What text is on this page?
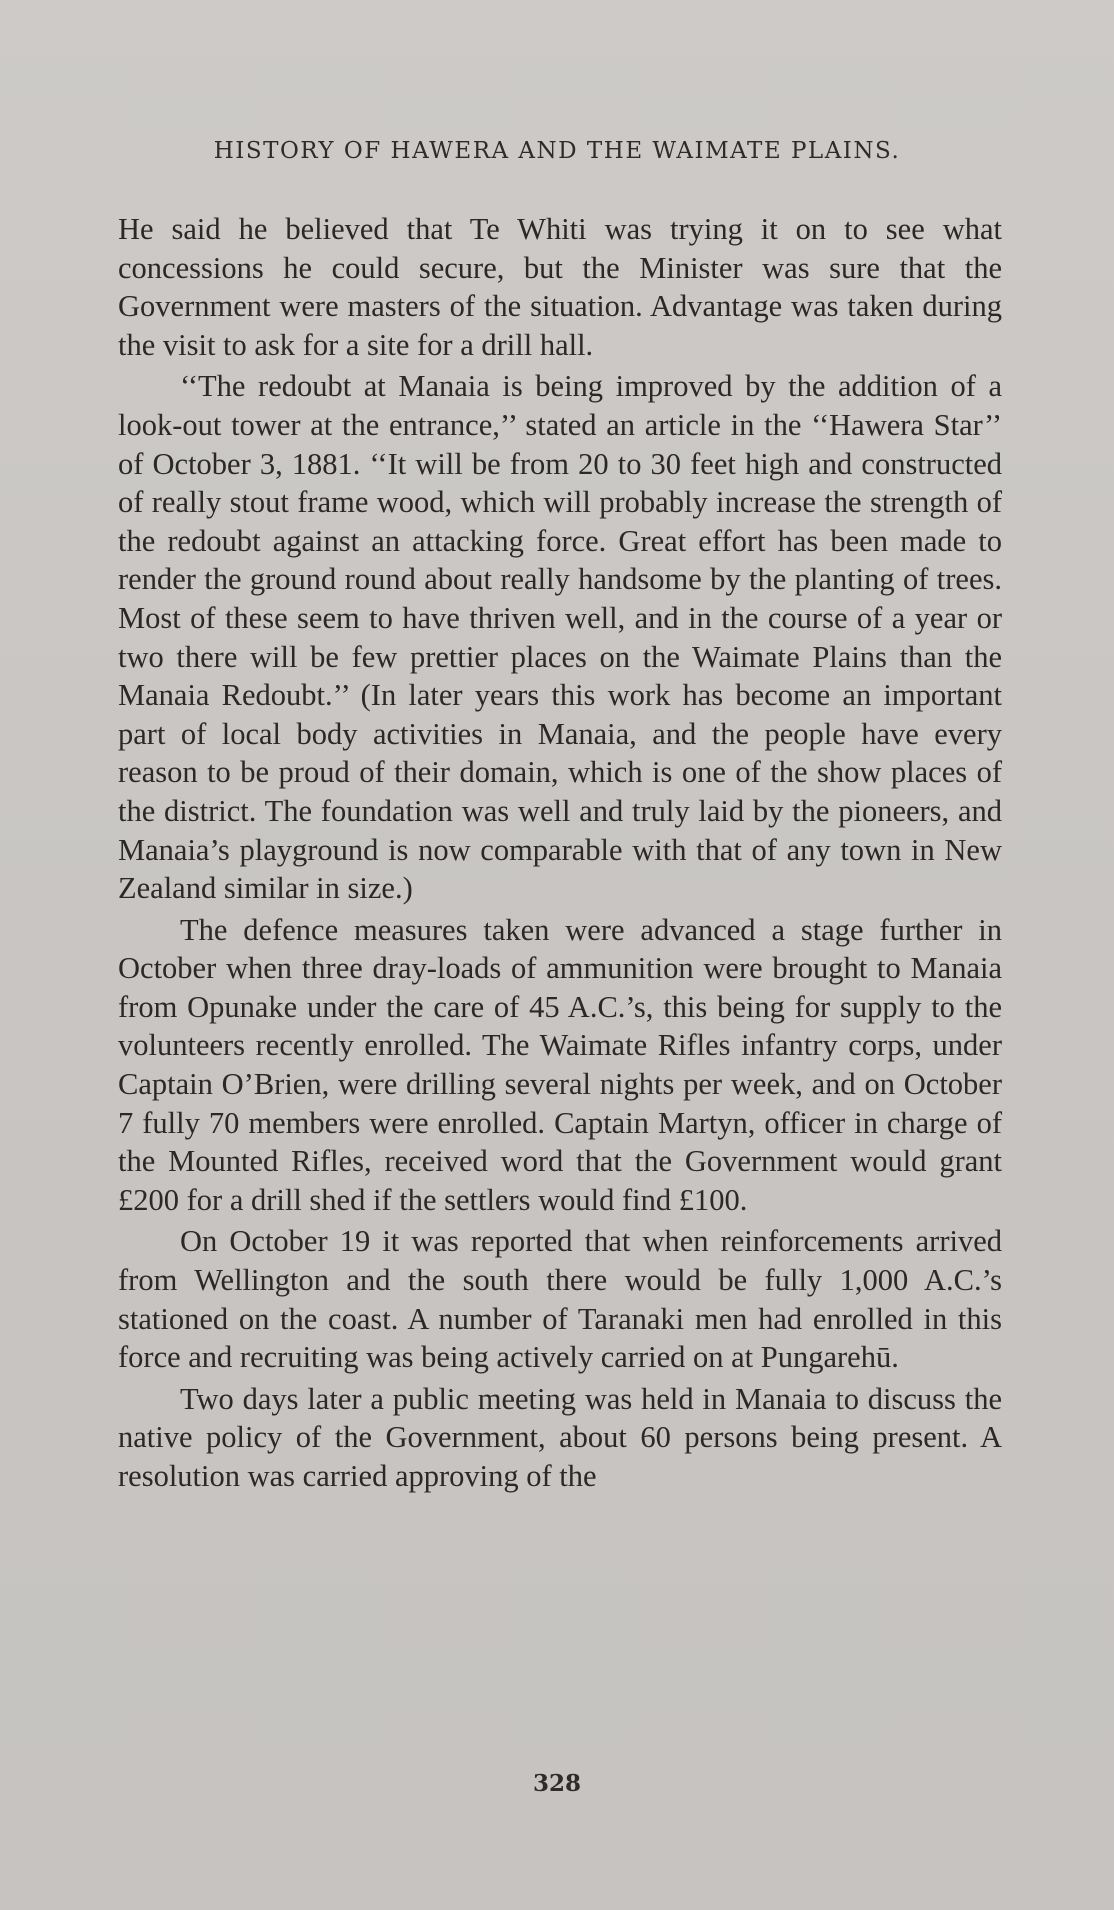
HISTORY OF HAWERA AND THE WAIMATE PLAINS.

He said he believed that Te Whiti was trying it on to see what concessions he could secure, but the Minister was sure that the Government were masters of the situation. Advantage was taken during the visit to ask for a site for a drill hall.

‘‘The redoubt at Manaia is being improved by the addition of a look-out tower at the entrance,’’ stated an article in the ‘‘Hawera Star’’ of October 3, 1881. ‘‘It will be from 20 to 30 feet high and constructed of really stout frame wood, which will probably increase the strength of the redoubt against an attacking force. Great effort has been made to render the ground round about really handsome by the planting of trees. Most of these seem to have thriven well, and in the course of a year or two there will be few prettier places on the Waimate Plains than the Manaia Redoubt.’’ (In later years this work has become an important part of local body activities in Manaia, and the people have every reason to be proud of their domain, which is one of the show places of the district. The foundation was well and truly laid by the pioneers, and Manaia’s playground is now comparable with that of any town in New Zealand similar in size.)

The defence measures taken were advanced a stage further in October when three dray-loads of ammunition were brought to Manaia from Opunake under the care of 45 A.C.’s, this being for supply to the volunteers recently enrolled. The Waimate Rifles infantry corps, under Captain O’Brien, were drilling several nights per week, and on October 7 fully 70 members were enrolled. Captain Martyn, officer in charge of the Mounted Rifles, received word that the Government would grant £200 for a drill shed if the settlers would find £100.

On October 19 it was reported that when reinforcements arrived from Wellington and the south there would be fully 1,000 A.C.’s stationed on the coast. A number of Taranaki men had enrolled in this force and recruiting was being actively carried on at Pungarehū.

Two days later a public meeting was held in Manaia to discuss the native policy of the Government, about 60 persons being present. A resolution was carried approving of the

328
